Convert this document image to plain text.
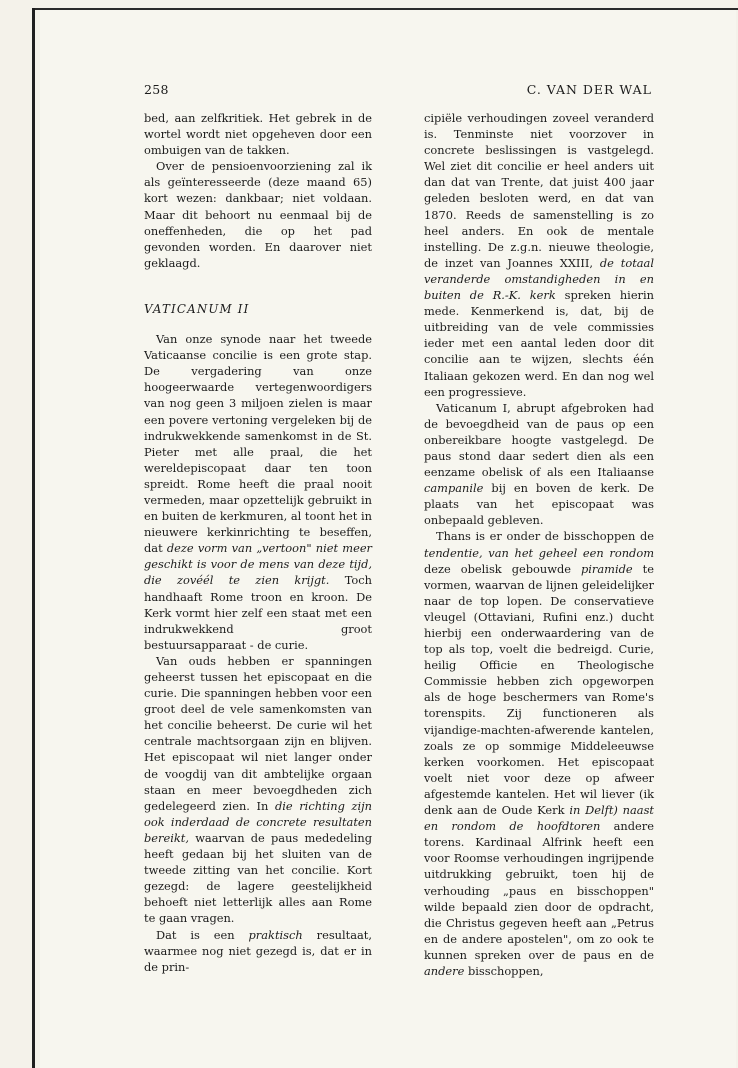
258	C. VAN DER WAL

bed, aan zelfkritiek. Het gebrek in de wortel wordt niet opgeheven door een ombuigen van de takken.

Over de pensioenvoorziening zal ik als geïnteresseerde (deze maand 65) kort wezen: dankbaar; niet voldaan. Maar dit behoort nu eenmaal bij de oneffenheden, die op het pad gevonden worden. En daarover niet geklaagd.

VATICANUM II

Van onze synode naar het tweede Vaticaanse concilie is een grote stap. De vergadering van onze hoogeerwaarde vertegenwoordigers van nog geen 3 miljoen zielen is maar een povere vertoning vergeleken bij de indrukwekkende samenkomst in de St. Pieter met alle praal, die het wereldepiscopaat daar ten toon spreidt. Rome heeft die praal nooit vermeden, maar opzettelijk gebruikt in en buiten de kerkmuren, al toont het in nieuwere kerkinrichting te beseffen, dat deze vorm van „vertoon" niet meer geschikt is voor de mens van deze tijd, die zovéél te zien krijgt. Toch handhaaft Rome troon en kroon. De Kerk vormt hier zelf een staat met een indrukwekkend groot bestuursapparaat - de curie.

Van ouds hebben er spanningen geheerst tussen het episcopaat en die curie. Die spanningen hebben voor een groot deel de vele samenkomsten van het concilie beheerst. De curie wil het centrale machtsorgaan zijn en blijven. Het episcopaat wil niet langer onder de voogdij van dit ambtelijke orgaan staan en meer bevoegdheden zich gedelegeerd zien. In die richting zijn ook inderdaad de concrete resultaten bereikt, waarvan de paus mededeling heeft gedaan bij het sluiten van de tweede zitting van het concilie. Kort gezegd: de lagere geestelijkheid behoeft niet letterlijk alles aan Rome te gaan vragen.

Dat is een praktisch resultaat, waarmee nog niet gezegd is, dat er in de prin-

cipiële verhoudingen zoveel veranderd is. Tenminste niet voorzover in concrete beslissingen is vastgelegd. Wel ziet dit concilie er heel anders uit dan dat van Trente, dat juist 400 jaar geleden besloten werd, en dat van 1870. Reeds de samenstelling is zo heel anders. En ook de mentale instelling. De z.g.n. nieuwe theologie, de inzet van Joannes XXIII, de totaal veranderde omstandigheden in en buiten de R.-K. kerk spreken hierin mede. Kenmerkend is, dat, bij de uitbreiding van de vele commissies ieder met een aantal leden door dit concilie aan te wijzen, slechts één Italiaan gekozen werd. En dan nog wel een progressieve.

Vaticanum I, abrupt afgebroken had de bevoegdheid van de paus op een onbereikbare hoogte vastgelegd. De paus stond daar sedert dien als een eenzame obelisk of als een Italiaanse campanile bij en boven de kerk. De plaats van het episcopaat was onbepaald gebleven.

Thans is er onder de bisschoppen de tendentie, van het geheel een rondom deze obelisk gebouwde piramide te vormen, waarvan de lijnen geleidelijker naar de top lopen. De conservatieve vleugel (Ottaviani, Rufini enz.) ducht hierbij een onderwaardering van de top als top, voelt die bedreigd. Curie, heilig Officie en Theologische Commissie hebben zich opgeworpen als de hoge beschermers van Rome's torenspits. Zij functioneren als vijandige-machten-afwerende kantelen, zoals ze op sommige Middeleeuwse kerken voorkomen. Het episcopaat voelt niet voor deze op afweer afgestemde kantelen. Het wil liever (ik denk aan de Oude Kerk in Delft) naast en rondom de hoofdtoren andere torens. Kardinaal Alfrink heeft een voor Roomse verhoudingen ingrijpende uitdrukking gebruikt, toen hij de verhouding „paus en bisschoppen" wilde bepaald zien door de opdracht, die Christus gegeven heeft aan „Petrus en de andere apostelen", om zo ook te kunnen spreken over de paus en de andere bisschoppen,
